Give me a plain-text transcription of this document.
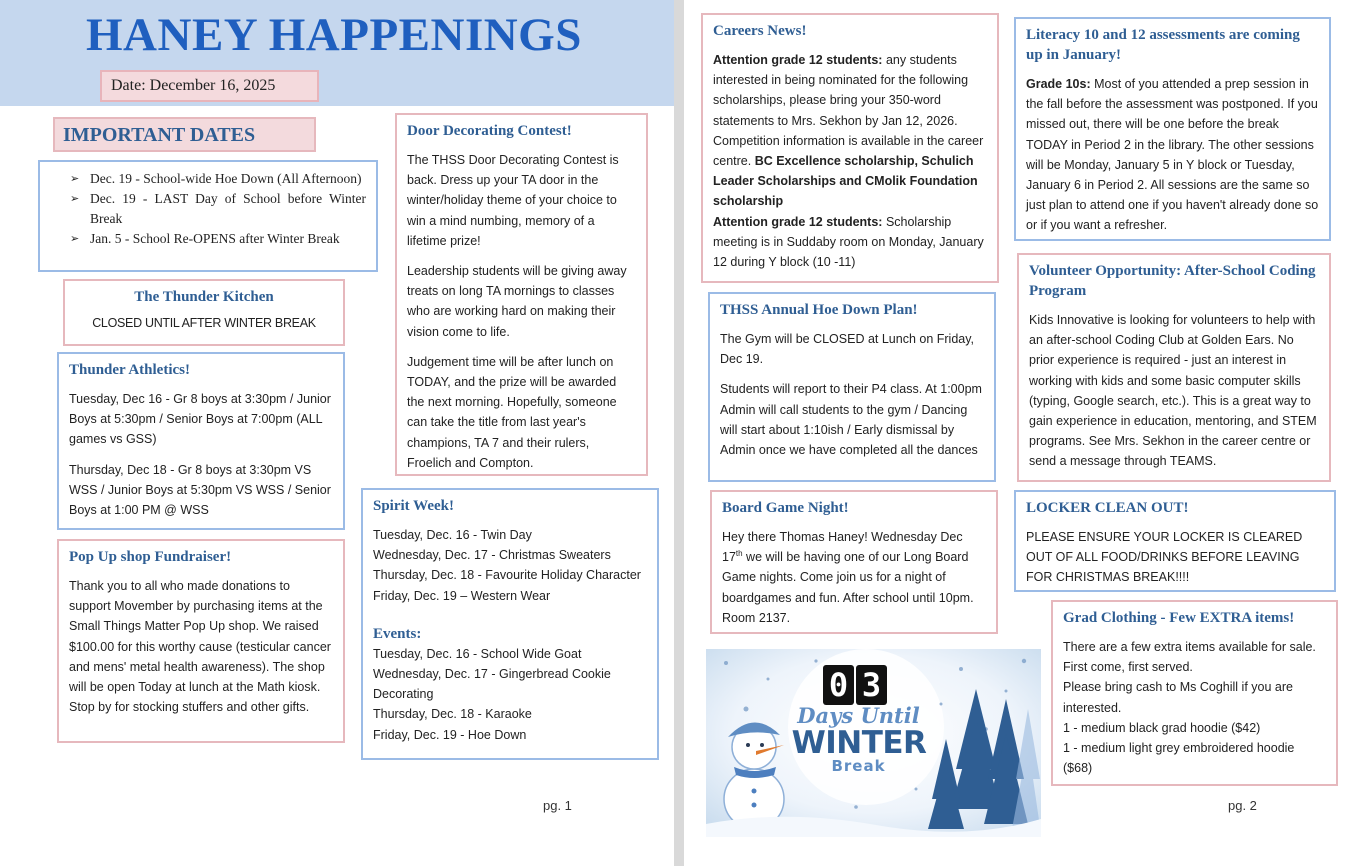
HANEY HAPPENINGS
Date: December 16, 2025
IMPORTANT DATES
➢ Dec. 19 - School-wide Hoe Down (All Afternoon)
➢ Dec. 19 - LAST Day of School before Winter Break
➢ Jan. 5 - School Re-OPENS after Winter Break
The Thunder Kitchen

CLOSED UNTIL AFTER WINTER BREAK

Thunder Athletics!

Tuesday, Dec 16 - Gr 8 boys at 3:30pm / Junior Boys at 5:30pm / Senior Boys at 7:00pm (ALL games vs GSS)

Thursday, Dec 18 - Gr 8 boys at 3:30pm VS WSS / Junior Boys at 5:30pm VS WSS / Senior Boys at 1:00 PM @ WSS

Pop Up shop Fundraiser!

Thank you to all who made donations to support Movember by purchasing items at the Small Things Matter Pop Up shop. We raised $100.00 for this worthy cause (testicular cancer and mens' metal health awareness). The shop will be open Today at lunch at the Math kiosk. Stop by for stocking stuffers and other gifts.

Door Decorating Contest!

The THSS Door Decorating Contest is back. Dress up your TA door in the winter/holiday theme of your choice to win a mind numbing, memory of a lifetime prize!

Leadership students will be giving away treats on long TA mornings to classes who are working hard on making their vision come to life.

Judgement time will be after lunch on TODAY, and the prize will be awarded the next morning. Hopefully, someone can take the title from last year's champions, TA 7 and their rulers, Froelich and Compton.

Spirit Week!
Tuesday, Dec. 16 - Twin Day
Wednesday, Dec. 17 - Christmas Sweaters
Thursday, Dec. 18 - Favourite Holiday Character
Friday, Dec. 19 – Western Wear
Events:
Tuesday, Dec. 16 - School Wide Goat
Wednesday, Dec. 17 - Gingerbread Cookie Decorating
Thursday, Dec. 18 - Karaoke
Friday, Dec. 19 - Hoe Down
pg. 1
Careers News!

Attention grade 12 students: any students interested in being nominated for the following scholarships, please bring your 350-word statements to Mrs. Sekhon by Jan 12, 2026. Competition information is available in the career centre. BC Excellence scholarship, Schulich Leader Scholarships and CMolik Foundation scholarship
Attention grade 12 students: Scholarship meeting is in Suddaby room on Monday, January 12 during Y block (10 -11)

THSS Annual Hoe Down Plan!

The Gym will be CLOSED at Lunch on Friday, Dec 19.

Students will report to their P4 class. At 1:00pm Admin will call students to the gym / Dancing will start about 1:10ish / Early dismissal by Admin once we have completed all the dances

Board Game Night!

Hey there Thomas Haney! Wednesday Dec 17th we will be having one of our Long Board Game nights. Come join us for a night of boardgames and fun. After school until 10pm. Room 2137.

Literacy 10 and 12 assessments are coming up in January!

Grade 10s: Most of you attended a prep session in the fall before the assessment was postponed. If you missed out, there will be one before the break TODAY in Period 2 in the library. The other sessions will be Monday, January 5 in Y block or Tuesday, January 6 in Period 2. All sessions are the same so just plan to attend one if you haven't already done so or if you want a refresher.

Volunteer Opportunity: After-School Coding Program

Kids Innovative is looking for volunteers to help with an after-school Coding Club at Golden Ears. No prior experience is required - just an interest in working with kids and some basic computer skills (typing, Google search, etc.). This is a great way to gain experience in education, mentoring, and STEM programs. See Mrs. Sekhon in the career centre or send a message through TEAMS.

LOCKER CLEAN OUT!

PLEASE ENSURE YOUR LOCKER IS CLEARED OUT OF ALL FOOD/DRINKS BEFORE LEAVING FOR CHRISTMAS BREAK!!!!

Grad Clothing - Few EXTRA items!
There are a few extra items available for sale. First come, first served.
Please bring cash to Ms Coghill if you are interested.
1 - medium black grad hoodie ($42)
1 - medium light grey embroidered hoodie ($68)
0 3
Days Until
WINTER
Break
pg. 2
